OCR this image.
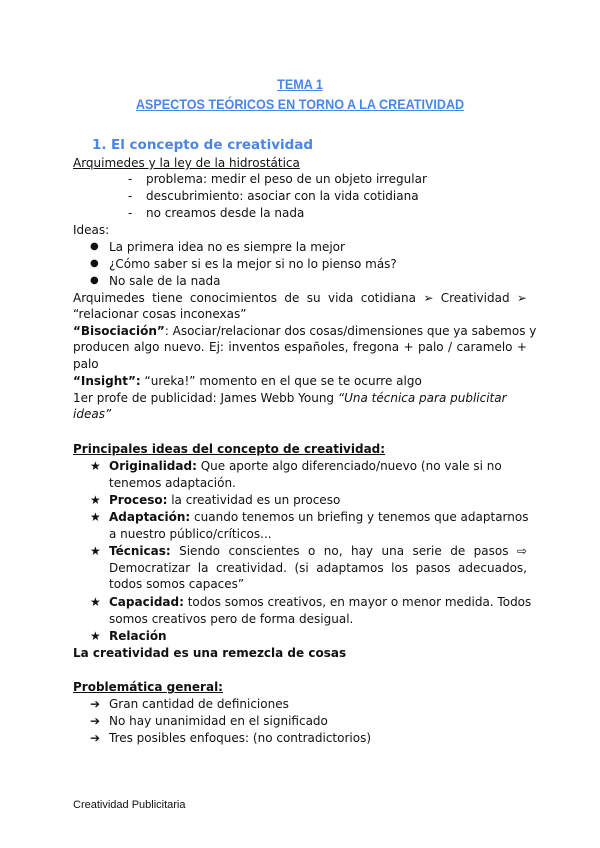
TEMA 1
ASPECTOS TEÓRICOS EN TORNO A LA CREATIVIDAD
1. El concepto de creatividad
Arquimedes y la ley de la hidrostática
- problema: medir el peso de un objeto irregular
- descubrimiento: asociar con la vida cotidiana
- no creamos desde la nada
Ideas:
● La primera idea no es siempre la mejor
● ¿Cómo saber si es la mejor si no lo pienso más?
● No sale de la nada
Arquimedes tiene conocimientos de su vida cotidiana ➢ Creatividad ➢
“relacionar cosas inconexas”
“Bisociación”: Asociar/relacionar dos cosas/dimensiones que ya sabemos y
producen algo nuevo. Ej: inventos españoles, fregona + palo / caramelo +
palo
“Insight”: “ureka!” momento en el que se te ocurre algo
1er profe de publicidad: James Webb Young “Una técnica para publicitar
ideas”
Principales ideas del concepto de creatividad:
★ Originalidad: Que aporte algo diferenciado/nuevo (no vale si no
tenemos adaptación.
★ Proceso: la creatividad es un proceso
★ Adaptación: cuando tenemos un briefing y tenemos que adaptarnos
a nuestro público/críticos...
★ Técnicas: Siendo conscientes o no, hay una serie de pasos ⇨
Democratizar la creatividad. (si adaptamos los pasos adecuados,
todos somos capaces”
★ Capacidad: todos somos creativos, en mayor o menor medida. Todos
somos creativos pero de forma desigual.
★ Relación
La creatividad es una remezcla de cosas
Problemática general:
➔ Gran cantidad de definiciones
➔ No hay unanimidad en el significado
➔ Tres posibles enfoques: (no contradictorios)
Creatividad Publicitaria
